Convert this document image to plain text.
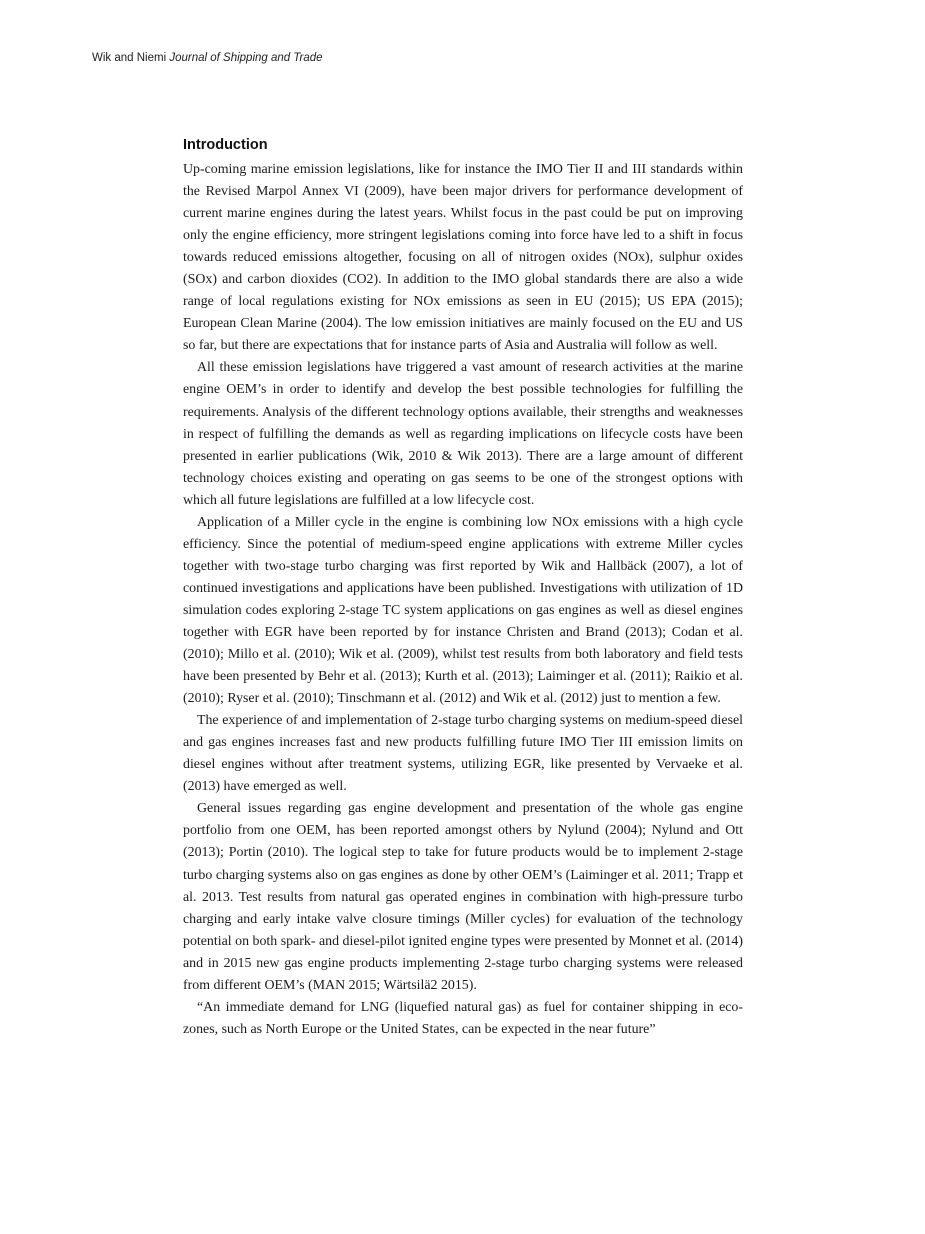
Wik and Niemi Journal of Shipping and Trade
Introduction

Up-coming marine emission legislations, like for instance the IMO Tier II and III standards within the Revised Marpol Annex VI (2009), have been major drivers for performance development of current marine engines during the latest years. Whilst focus in the past could be put on improving only the engine efficiency, more stringent legislations coming into force have led to a shift in focus towards reduced emissions altogether, focusing on all of nitrogen oxides (NOx), sulphur oxides (SOx) and carbon dioxides (CO2). In addition to the IMO global standards there are also a wide range of local regulations existing for NOx emissions as seen in EU (2015); US EPA (2015); European Clean Marine (2004). The low emission initiatives are mainly focused on the EU and US so far, but there are expectations that for instance parts of Asia and Australia will follow as well.

All these emission legislations have triggered a vast amount of research activities at the marine engine OEM’s in order to identify and develop the best possible technologies for fulfilling the requirements. Analysis of the different technology options available, their strengths and weaknesses in respect of fulfilling the demands as well as regarding implications on lifecycle costs have been presented in earlier publications (Wik, 2010 & Wik 2013). There are a large amount of different technology choices existing and operating on gas seems to be one of the strongest options with which all future legislations are fulfilled at a low lifecycle cost.

Application of a Miller cycle in the engine is combining low NOx emissions with a high cycle efficiency. Since the potential of medium-speed engine applications with extreme Miller cycles together with two-stage turbo charging was first reported by Wik and Hallbäck (2007), a lot of continued investigations and applications have been published. Investigations with utilization of 1D simulation codes exploring 2-stage TC system applications on gas engines as well as diesel engines together with EGR have been reported by for instance Christen and Brand (2013); Codan et al. (2010); Millo et al. (2010); Wik et al. (2009), whilst test results from both laboratory and field tests have been presented by Behr et al. (2013); Kurth et al. (2013); Laiminger et al. (2011); Raikio et al. (2010); Ryser et al. (2010); Tinschmann et al. (2012) and Wik et al. (2012) just to mention a few.

The experience of and implementation of 2-stage turbo charging systems on medium-speed diesel and gas engines increases fast and new products fulfilling future IMO Tier III emission limits on diesel engines without after treatment systems, utilizing EGR, like presented by Vervaeke et al. (2013) have emerged as well.

General issues regarding gas engine development and presentation of the whole gas engine portfolio from one OEM, has been reported amongst others by Nylund (2004); Nylund and Ott (2013); Portin (2010). The logical step to take for future products would be to implement 2-stage turbo charging systems also on gas engines as done by other OEM’s (Laiminger et al. 2011; Trapp et al. 2013. Test results from natural gas operated engines in combination with high-pressure turbo charging and early intake valve closure timings (Miller cycles) for evaluation of the technology potential on both spark- and diesel-pilot ignited engine types were presented by Monnet et al. (2014) and in 2015 new gas engine products implementing 2-stage turbo charging systems were released from different OEM’s (MAN 2015; Wärtsilä2 2015).

“An immediate demand for LNG (liquefied natural gas) as fuel for container shipping in eco-zones, such as North Europe or the United States, can be expected in the near future”
